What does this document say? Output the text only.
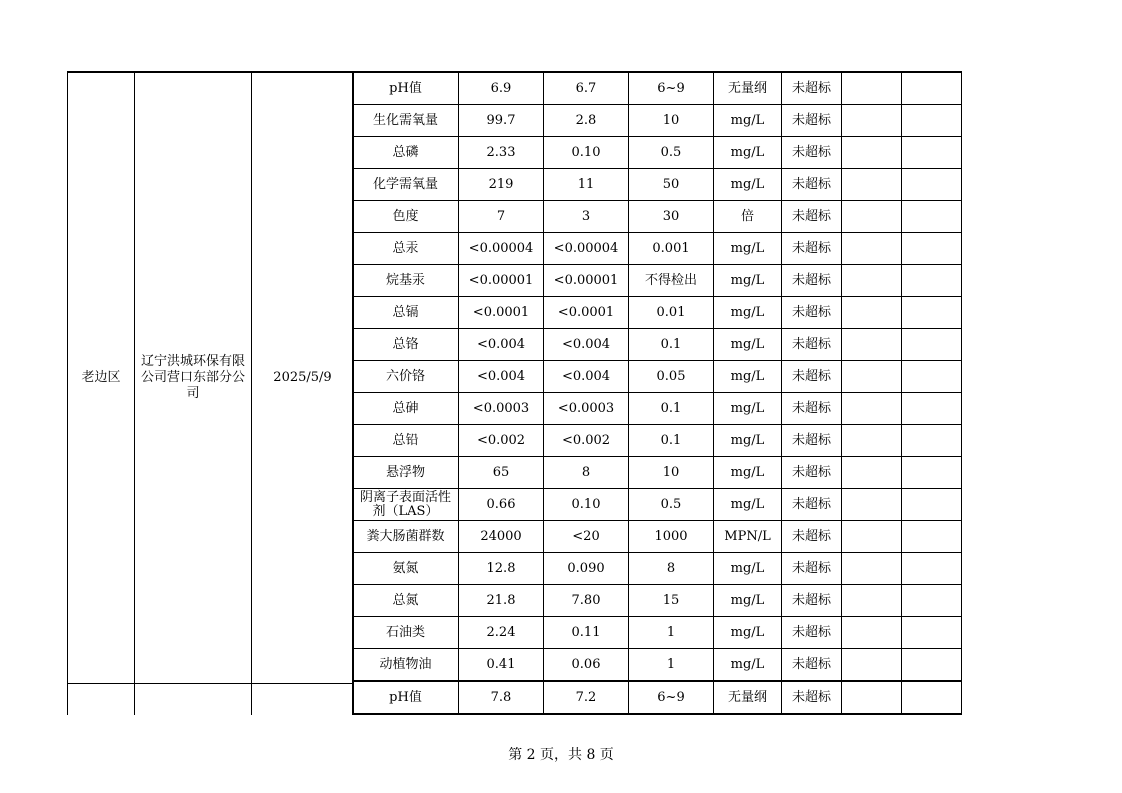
老边区	辽宁洪城环保有限公司营口东部分公司	2025/5/9

pH值	6.9	6.7	6~9	无量纲	未超标		
生化需氧量	99.7	2.8	10	mg/L	未超标		
总磷	2.33	0.10	0.5	mg/L	未超标		
化学需氧量	219	11	50	mg/L	未超标		
色度	7	3	30	倍	未超标		
总汞	<0.00004	<0.00004	0.001	mg/L	未超标		
烷基汞	<0.00001	<0.00001	不得检出	mg/L	未超标		
总镉	<0.0001	<0.0001	0.01	mg/L	未超标		
总铬	<0.004	<0.004	0.1	mg/L	未超标		
六价铬	<0.004	<0.004	0.05	mg/L	未超标		
总砷	<0.0003	<0.0003	0.1	mg/L	未超标		
总铅	<0.002	<0.002	0.1	mg/L	未超标		
悬浮物	65	8	10	mg/L	未超标		
阴离子表面活性剂（LAS）	0.66	0.10	0.5	mg/L	未超标		
粪大肠菌群数	24000	<20	1000	MPN/L	未超标		
氨氮	12.8	0.090	8	mg/L	未超标		
总氮	21.8	7.80	15	mg/L	未超标		
石油类	2.24	0.11	1	mg/L	未超标		
动植物油	0.41	0.06	1	mg/L	未超标		
pH值	7.8	7.2	6~9	无量纲	未超标		
第 2 页，共 8 页
